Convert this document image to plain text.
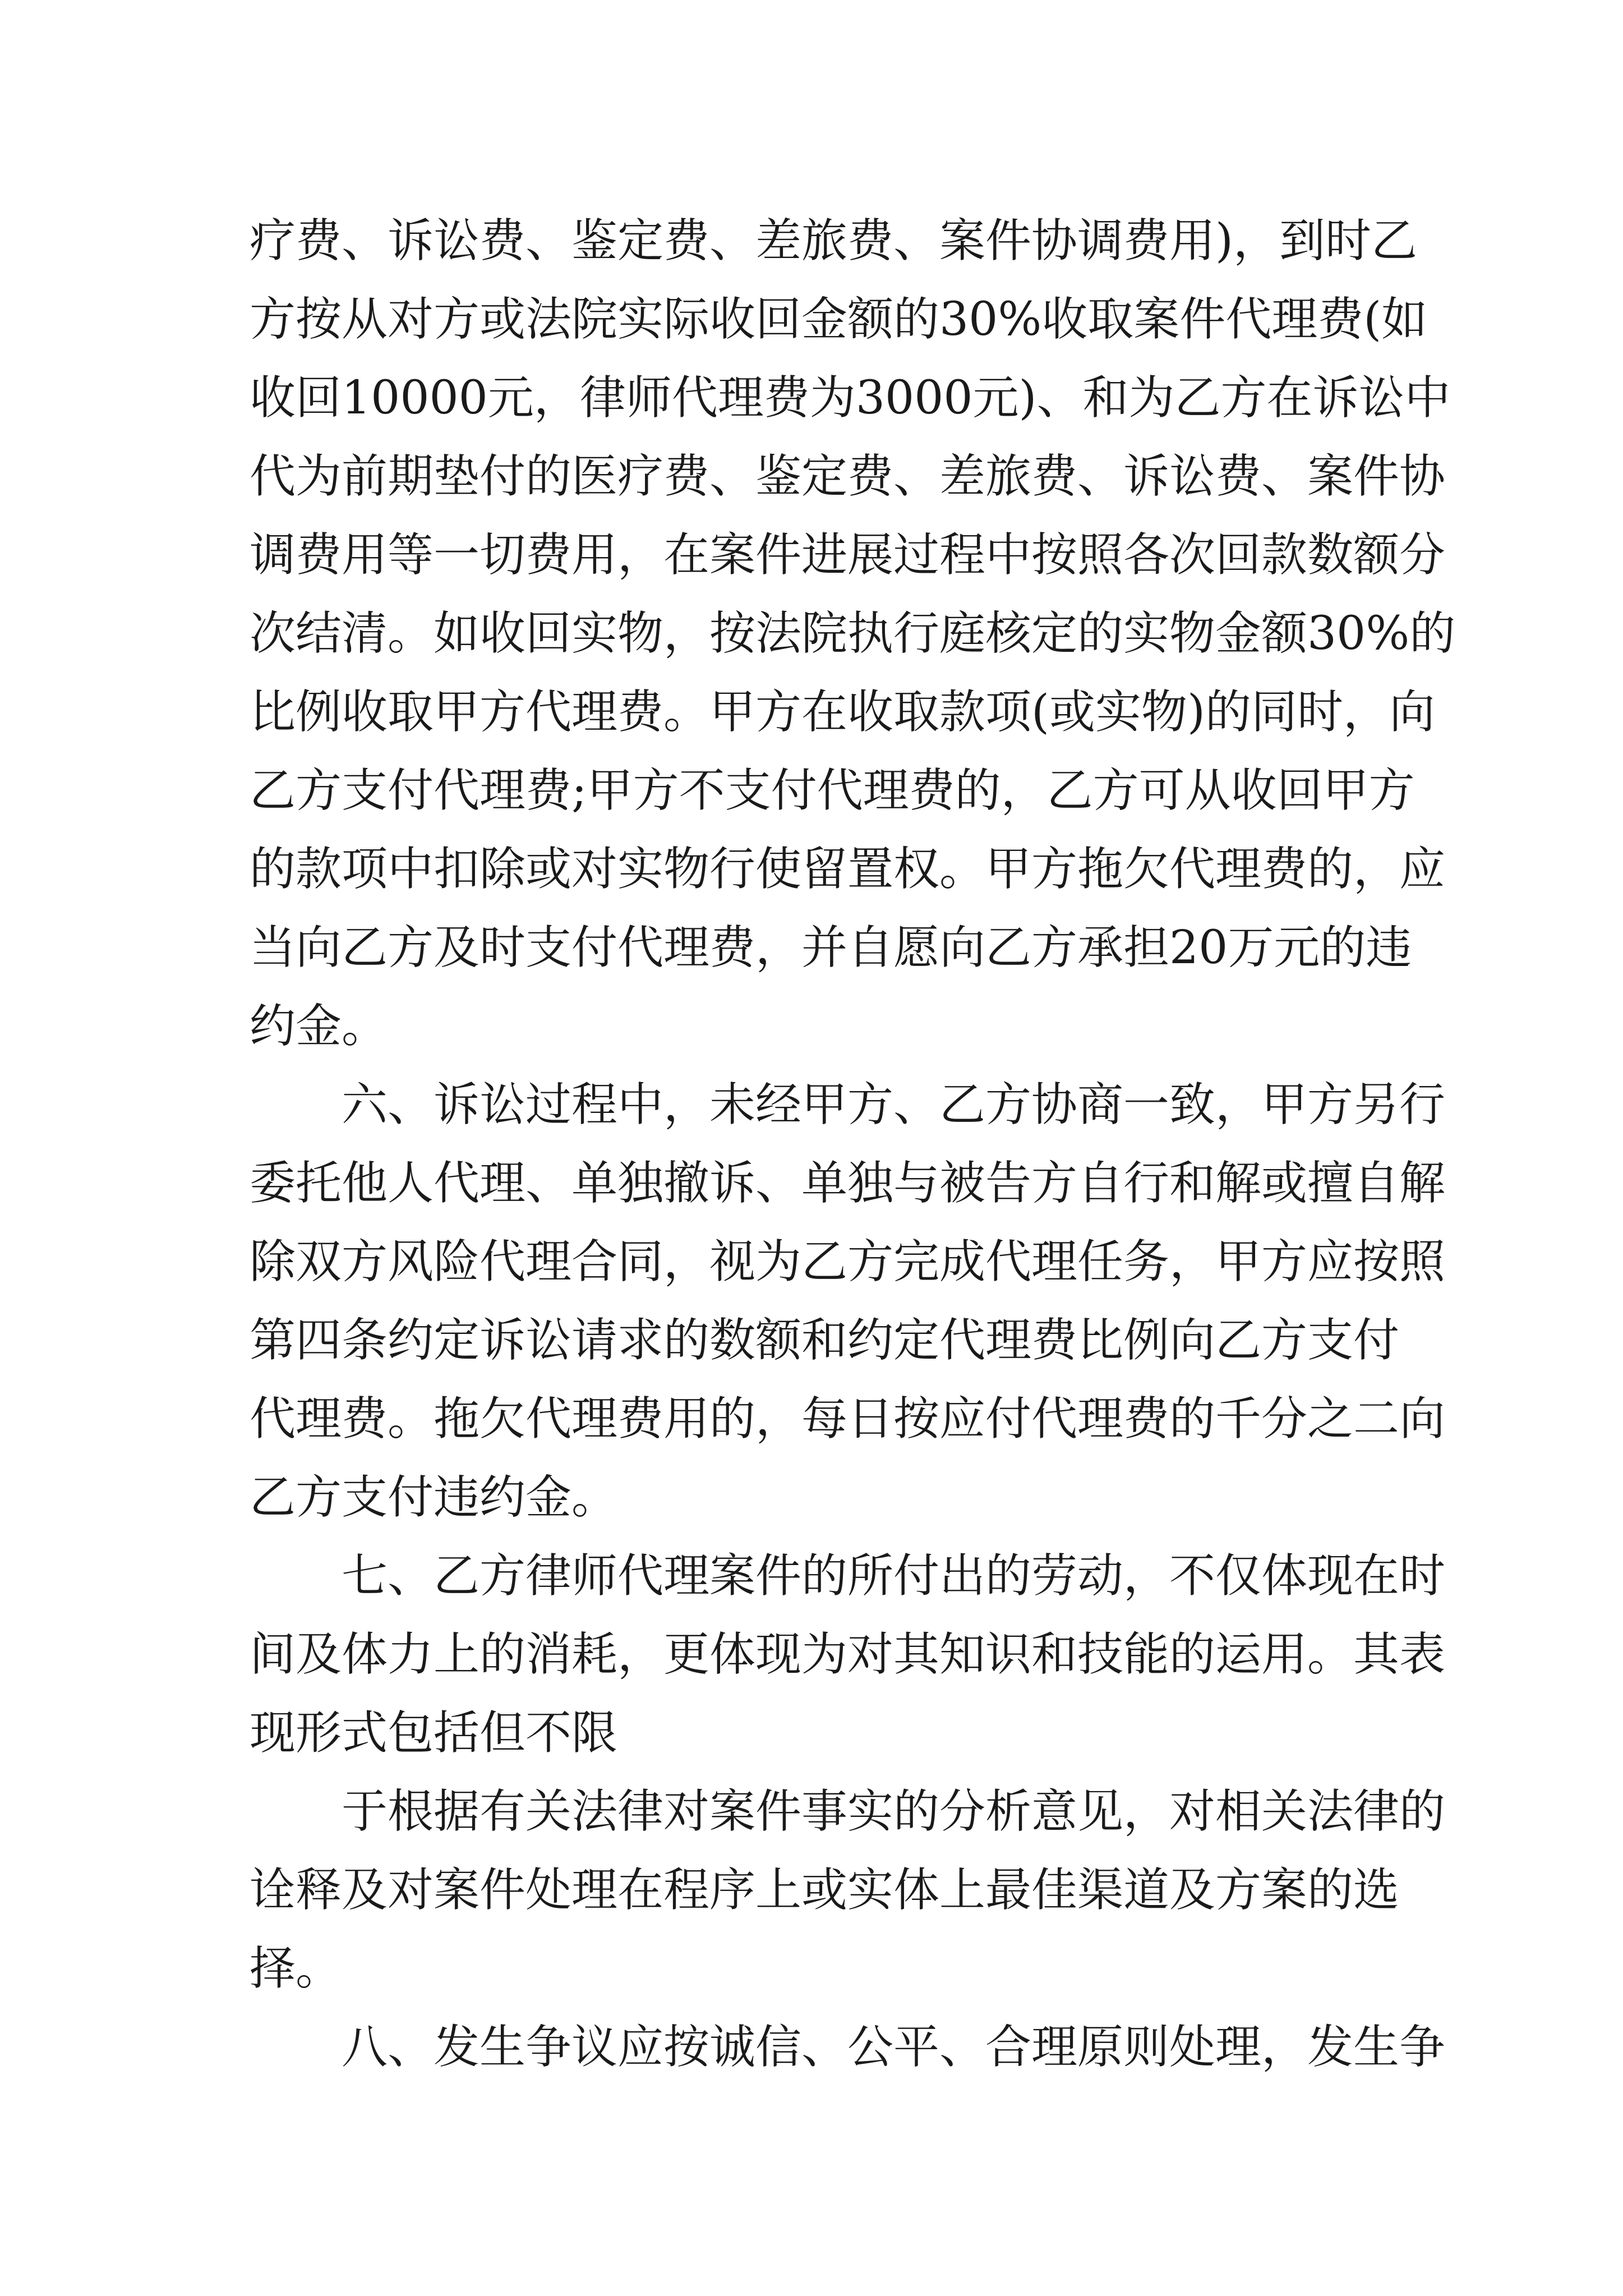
疗费、诉讼费、鉴定费、差旅费、案件协调费用)，到时乙
方按从对方或法院实际收回金额的30%收取案件代理费(如
收回10000元，律师代理费为3000元)、和为乙方在诉讼中
代为前期垫付的医疗费、鉴定费、差旅费、诉讼费、案件协
调费用等一切费用，在案件进展过程中按照各次回款数额分
次结清。如收回实物，按法院执行庭核定的实物金额30%的
比例收取甲方代理费。甲方在收取款项(或实物)的同时，向
乙方支付代理费;甲方不支付代理费的，乙方可从收回甲方
的款项中扣除或对实物行使留置权。甲方拖欠代理费的，应
当向乙方及时支付代理费，并自愿向乙方承担20万元的违
约金。
六、诉讼过程中，未经甲方、乙方协商一致，甲方另行
委托他人代理、单独撤诉、单独与被告方自行和解或擅自解
除双方风险代理合同，视为乙方完成代理任务，甲方应按照
第四条约定诉讼请求的数额和约定代理费比例向乙方支付
代理费。拖欠代理费用的，每日按应付代理费的千分之二向
乙方支付违约金。
七、乙方律师代理案件的所付出的劳动，不仅体现在时
间及体力上的消耗，更体现为对其知识和技能的运用。其表
现形式包括但不限
于根据有关法律对案件事实的分析意见，对相关法律的
诠释及对案件处理在程序上或实体上最佳渠道及方案的选
择。
八、发生争议应按诚信、公平、合理原则处理，发生争
